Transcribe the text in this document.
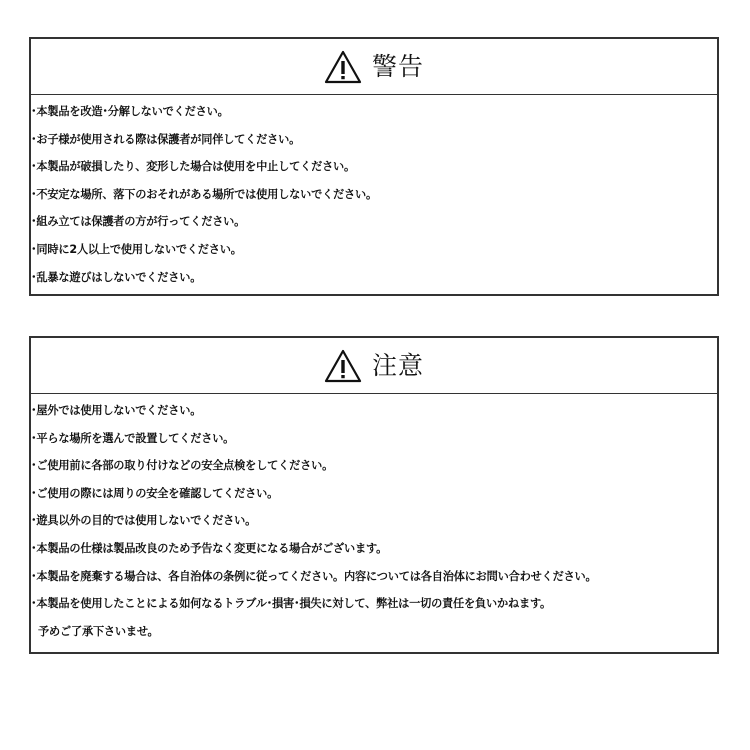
警告
･本製品を改造･分解しないでください。
･お子様が使用される際は保護者が同伴してください。
･本製品が破損したり、変形した場合は使用を中止してください。
･不安定な場所、落下のおそれがある場所では使用しないでください。
･組み立ては保護者の方が行ってください。
･同時に2人以上で使用しないでください。
･乱暴な遊びはしないでください。
注意
･屋外では使用しないでください。
･平らな場所を選んで設置してください。
･ご使用前に各部の取り付けなどの安全点検をしてください。
･ご使用の際には周りの安全を確認してください。
･遊具以外の目的では使用しないでください。
･本製品の仕様は製品改良のため予告なく変更になる場合がございます。
･本製品を廃棄する場合は、各自治体の条例に従ってください。内容については各自治体にお問い合わせください。
･本製品を使用したことによる如何なるトラブル･損害･損失に対して、弊社は一切の責任を負いかねます。
予めご了承下さいませ。
